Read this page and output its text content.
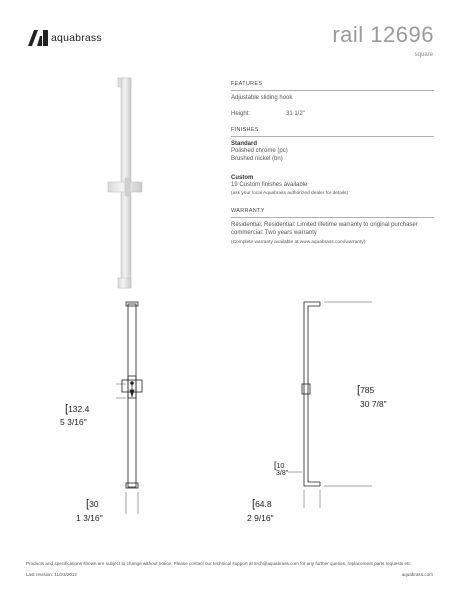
aquabrass	rail 12696
square
FEATURES
Adjustable sliding hook
Height:	31 1/2"
FINISHES
Standard
Polished chrome (pc)
Brushed nickel (bn)
Custom
19 Custom finishes available
(ask your local Aquabrass authorized dealer for details)
WARRANTY
Residential: Residential: Limited lifetime warranty to original purchaser commercial: Two years warranty
(Complete warranty available at www.aquabrass.com/warranty)
[132.4
5 3/16"
[30
1 3/16"
[785
30 7/8"
[10
3/8"
[64.8
2 9/16"
Products and specifications shown are subject to change without notice. Please contact our technical support at tech@aquabrass.com for any further queries, replacement parts requests etc.
Last revision: 11/23/2012	aquabrass.com
